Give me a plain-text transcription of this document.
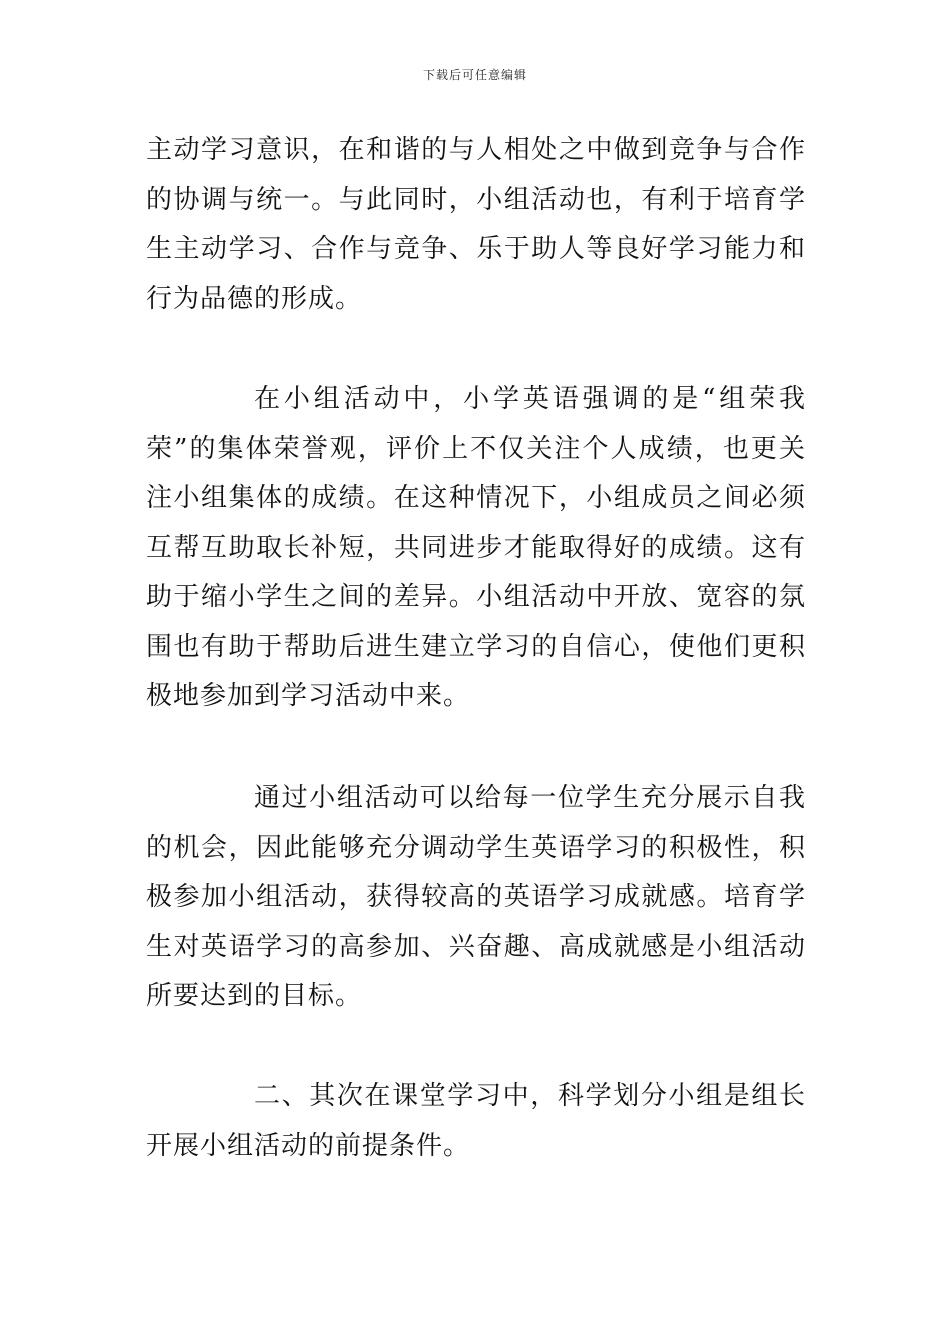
下载后可任意编辑

主动学习意识，在和谐的与人相处之中做到竞争与合作的协调与统一。与此同时，小组活动也，有利于培育学生主动学习、合作与竞争、乐于助人等良好学习能力和行为品德的形成。

在小组活动中，小学英语强调的是“组荣我荣”的集体荣誉观，评价上不仅关注个人成绩，也更关注小组集体的成绩。在这种情况下，小组成员之间必须互帮互助取长补短，共同进步才能取得好的成绩。这有助于缩小学生之间的差异。小组活动中开放、宽容的氛围也有助于帮助后进生建立学习的自信心，使他们更积极地参加到学习活动中来。

通过小组活动可以给每一位学生充分展示自我的机会，因此能够充分调动学生英语学习的积极性，积极参加小组活动，获得较高的英语学习成就感。培育学生对英语学习的高参加、兴奋趣、高成就感是小组活动所要达到的目标。

二、其次在课堂学习中，科学划分小组是组长开展小组活动的前提条件。
